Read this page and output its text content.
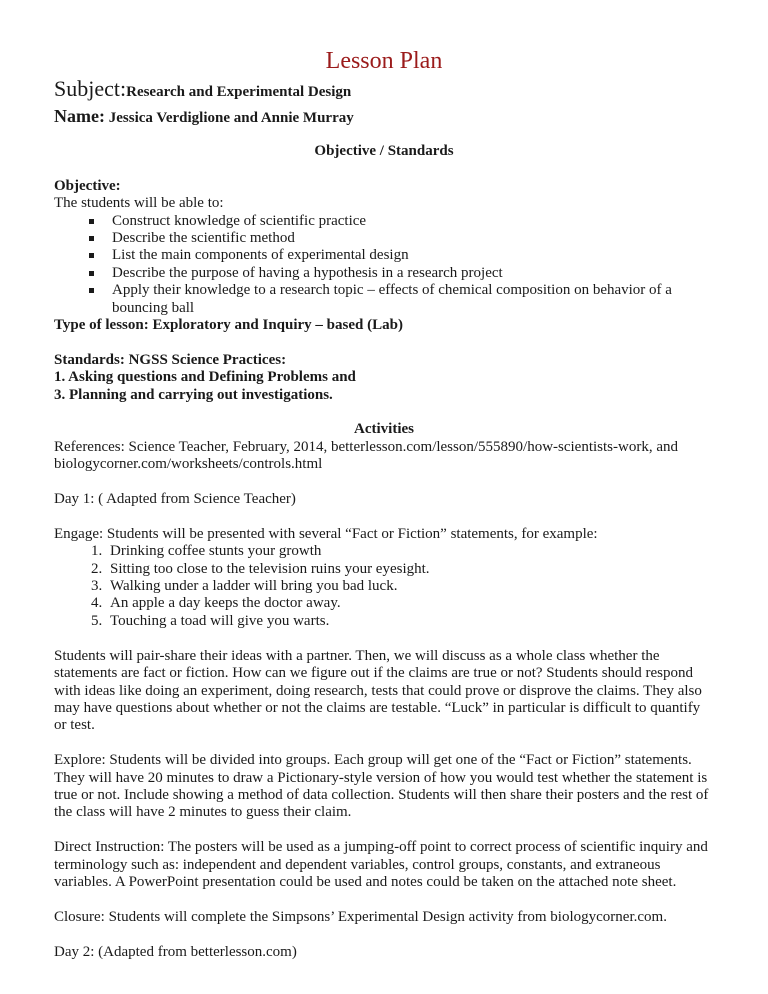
Lesson Plan

Subject:Research and Experimental Design

Name: Jessica Verdiglione and Annie Murray

Objective / Standards

Objective:

The students will be able to:

Construct knowledge of scientific practice
Describe the scientific method
List the main components of experimental design
Describe the purpose of having a hypothesis in a research project
Apply their knowledge to a research topic – effects of chemical composition on behavior of a bouncing ball

Type of lesson: Exploratory and Inquiry – based (Lab)

Standards: NGSS Science Practices:

1. Asking questions and Defining Problems and

3. Planning and carrying out investigations.

Activities

References: Science Teacher, February, 2014, betterlesson.com/lesson/555890/how-scientists-work, and biologycorner.com/worksheets/controls.html

Day 1: ( Adapted from Science Teacher)

Engage: Students will be presented with several “Fact or Fiction” statements, for example:

1. Drinking coffee stunts your growth
2. Sitting too close to the television ruins your eyesight.
3. Walking under a ladder will bring you bad luck.
4. An apple a day keeps the doctor away.
5. Touching a toad will give you warts.

Students will pair-share their ideas with a partner. Then, we will discuss as a whole class whether the statements are fact or fiction. How can we figure out if the claims are true or not? Students should respond with ideas like doing an experiment, doing research, tests that could prove or disprove the claims. They also may have questions about whether or not the claims are testable. “Luck” in particular is difficult to quantify or test.

Explore: Students will be divided into groups. Each group will get one of the “Fact or Fiction” statements. They will have 20 minutes to draw a Pictionary-style version of how you would test whether the statement is true or not. Include showing a method of data collection. Students will then share their posters and the rest of the class will have 2 minutes to guess their claim.

Direct Instruction: The posters will be used as a jumping-off point to correct process of scientific inquiry and terminology such as: independent and dependent variables, control groups, constants, and extraneous variables. A PowerPoint presentation could be used and notes could be taken on the attached note sheet.

Closure: Students will complete the Simpsons’ Experimental Design activity from biologycorner.com.

Day 2: (Adapted from betterlesson.com)
